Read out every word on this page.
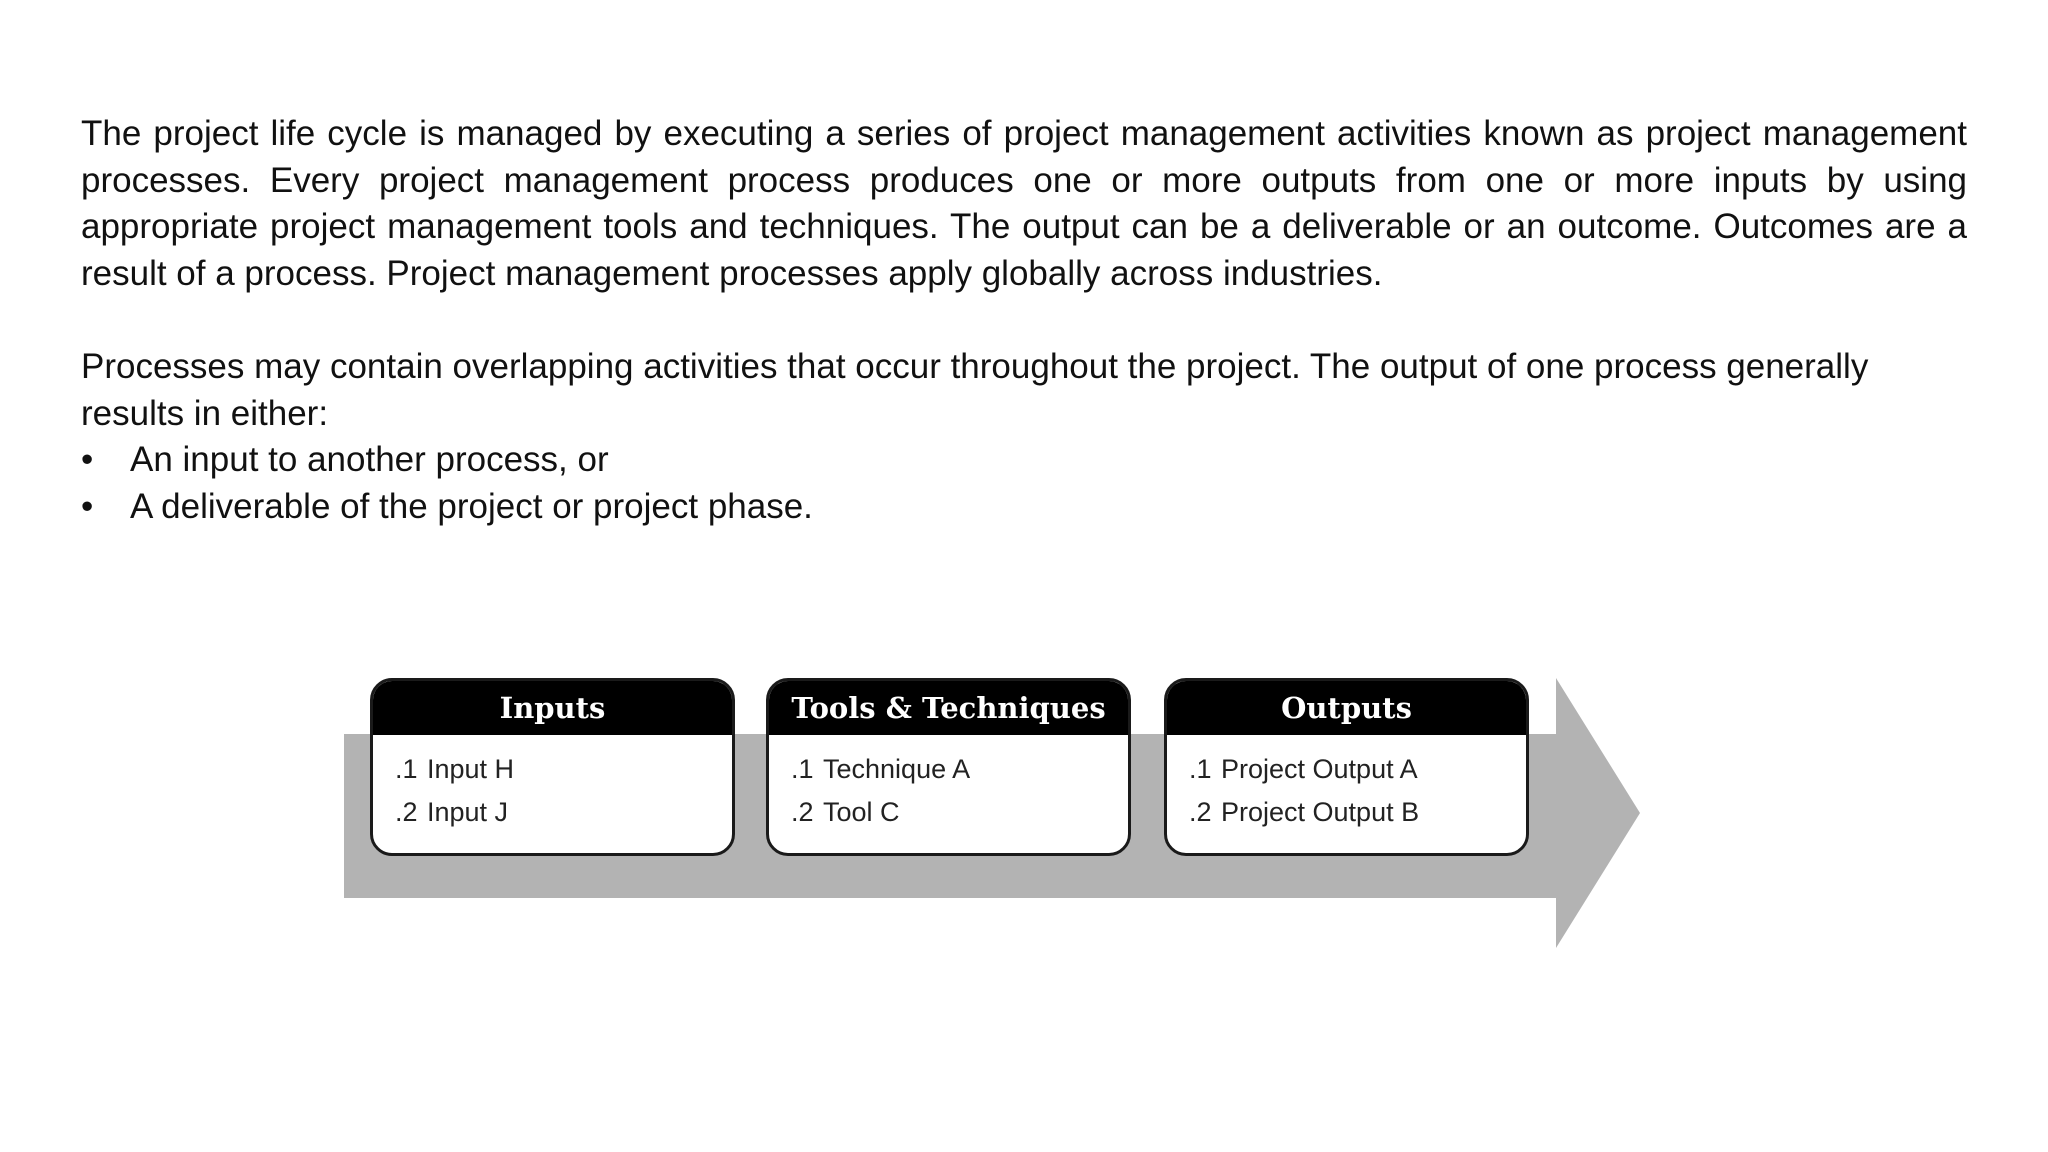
The project life cycle is managed by executing a series of project management activities known as project management processes. Every project management process produces one or more outputs from one or more inputs by using appropriate project management tools and techniques. The output can be a deliverable or an outcome. Outcomes are a result of a process. Project management processes apply globally across industries.

Processes may contain overlapping activities that occur throughout the project. The output of one process generally results in either:

• An input to another process, or
• A deliverable of the project or project phase.
Inputs
.1 Input H
.2 Input J
Tools & Techniques
.1 Technique A
.2 Tool C
Outputs
.1 Project Output A
.2 Project Output B
